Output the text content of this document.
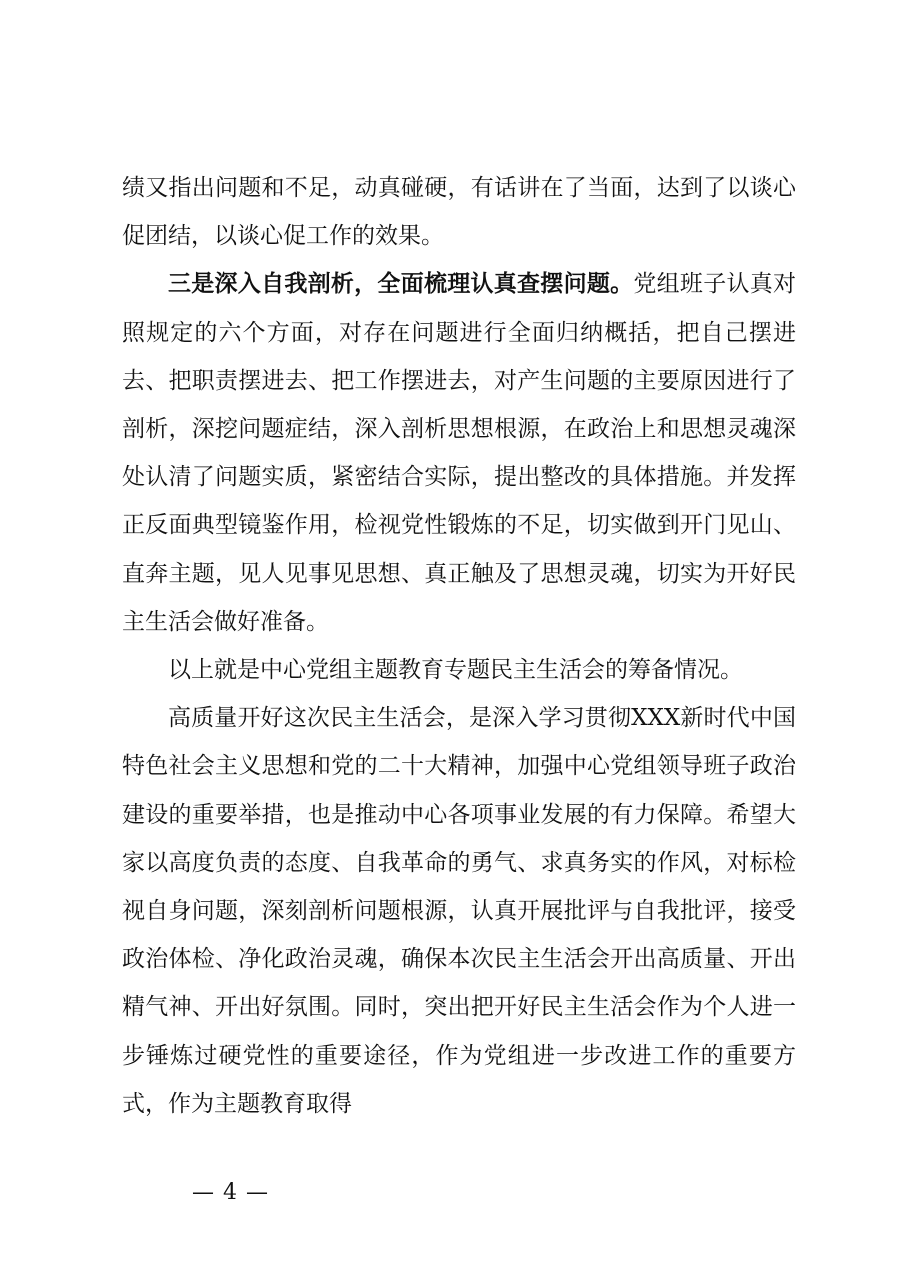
绩又指出问题和不足，动真碰硬，有话讲在了当面，达到了以谈心促团结，以谈心促工作的效果。

三是深入自我剖析，全面梳理认真查摆问题。党组班子认真对照规定的六个方面，对存在问题进行全面归纳概括，把自己摆进去、把职责摆进去、把工作摆进去，对产生问题的主要原因进行了剖析，深挖问题症结，深入剖析思想根源，在政治上和思想灵魂深处认清了问题实质，紧密结合实际，提出整改的具体措施。并发挥正反面典型镜鉴作用，检视党性锻炼的不足，切实做到开门见山、直奔主题，见人见事见思想、真正触及了思想灵魂，切实为开好民主生活会做好准备。

以上就是中心党组主题教育专题民主生活会的筹备情况。

高质量开好这次民主生活会，是深入学习贯彻XXX新时代中国特色社会主义思想和党的二十大精神，加强中心党组领导班子政治建设的重要举措，也是推动中心各项事业发展的有力保障。希望大家以高度负责的态度、自我革命的勇气、求真务实的作风，对标检视自身问题，深刻剖析问题根源，认真开展批评与自我批评，接受政治体检、净化政治灵魂，确保本次民主生活会开出高质量、开出精气神、开出好氛围。同时，突出把开好民主生活会作为个人进一步锤炼过硬党性的重要途径，作为党组进一步改进工作的重要方式，作为主题教育取得

— 4 —
